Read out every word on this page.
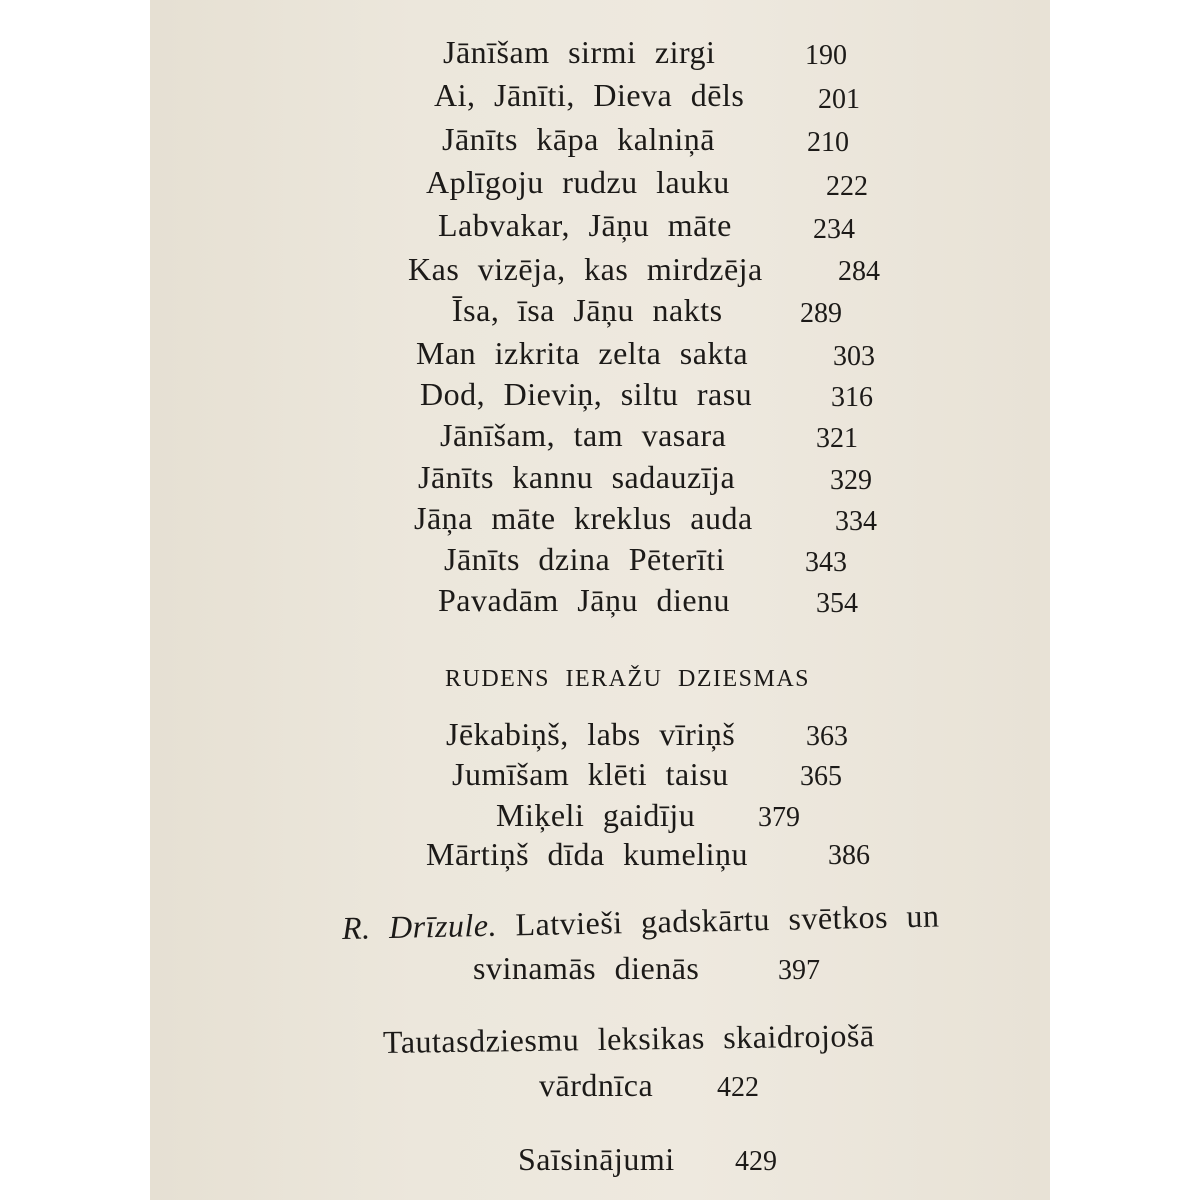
Jānīšam sirmi zirgi	190
Ai, Jānīti, Dieva dēls	201
Jānīts kāpa kalniņā	210
Aplīgoju rudzu lauku	222
Labvakar, Jāņu māte	234
Kas vizēja, kas mirdzēja	284
Īsa, īsa Jāņu nakts	289
Man izkrita zelta sakta	303
Dod, Dieviņ, siltu rasu	316
Jānīšam, tam vasara	321
Jānīts kannu sadauzīja	329
Jāņa māte kreklus auda	334
Jānīts dzina Pēterīti	343
Pavadām Jāņu dienu	354
RUDENS IERAŽU DZIESMAS
Jēkabiņš, labs vīriņš	363
Jumīšam klēti taisu	365
Miķeli gaidīju 379
Mārtiņš dīda kumeliņu	386
R. Drīzule. Latvieši gadskārtu svētkos un
svinamās dienās	397
Tautasdziesmu leksikas skaidrojošā
vārdnīca 422
Saīsinājumi 429
